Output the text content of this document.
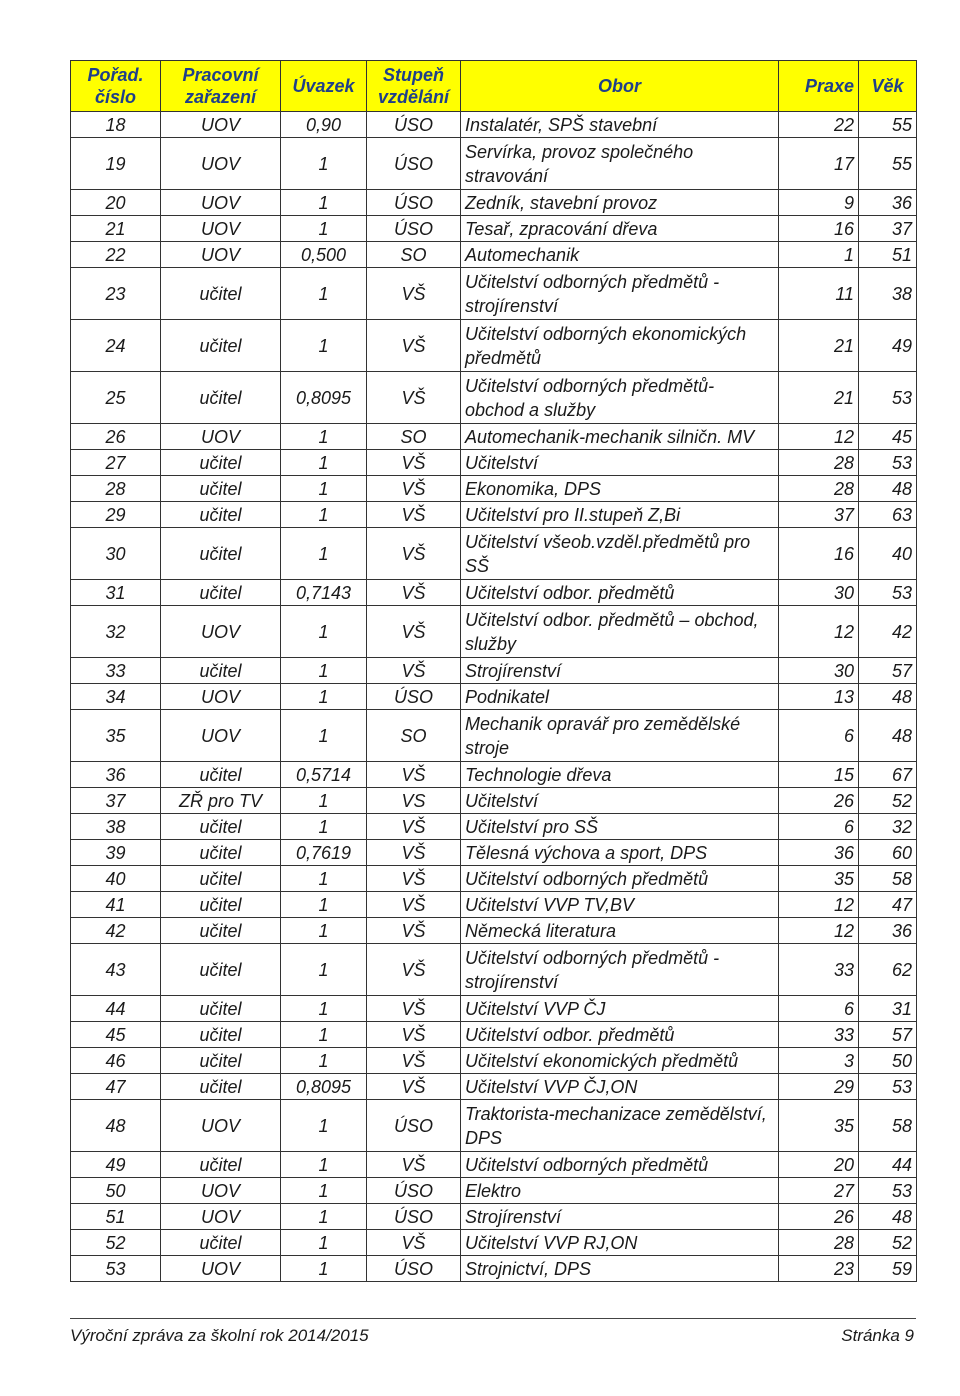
Pořad. číslo	Pracovní zařazení	Úvazek	Stupeň vzdělání	Obor	Praxe	Věk
18	UOV	0,90	ÚSO	Instalatér, SPŠ stavební	22	55
19	UOV	1	ÚSO	Servírka, provoz společného stravování	17	55
20	UOV	1	ÚSO	Zedník, stavební provoz	9	36
21	UOV	1	ÚSO	Tesař, zpracování dřeva	16	37
22	UOV	0,500	SO	Automechanik	1	51
23	učitel	1	VŠ	Učitelství odborných předmětů - strojírenství	11	38
24	učitel	1	VŠ	Učitelství odborných ekonomických předmětů	21	49
25	učitel	0,8095	VŠ	Učitelství odborných předmětů- obchod a služby	21	53
26	UOV	1	SO	Automechanik-mechanik silničn. MV	12	45
27	učitel	1	VŠ	Učitelství	28	53
28	učitel	1	VŠ	Ekonomika, DPS	28	48
29	učitel	1	VŠ	Učitelství pro II.stupeň Z,Bi	37	63
30	učitel	1	VŠ	Učitelství všeob.vzděl.předmětů pro SŠ	16	40
31	učitel	0,7143	VŠ	Učitelství odbor. předmětů	30	53
32	UOV	1	VŠ	Učitelství odbor. předmětů – obchod, služby	12	42
33	učitel	1	VŠ	Strojírenství	30	57
34	UOV	1	ÚSO	Podnikatel	13	48
35	UOV	1	SO	Mechanik opravář pro zemědělské stroje	6	48
36	učitel	0,5714	VŠ	Technologie dřeva	15	67
37	ZŘ pro TV	1	VS	Učitelství	26	52
38	učitel	1	VŠ	Učitelství pro SŠ	6	32
39	učitel	0,7619	VŠ	Tělesná výchova a sport, DPS	36	60
40	učitel	1	VŠ	Učitelství odborných předmětů	35	58
41	učitel	1	VŠ	Učitelství VVP TV,BV	12	47
42	učitel	1	VŠ	Německá literatura	12	36
43	učitel	1	VŠ	Učitelství odborných předmětů - strojírenství	33	62
44	učitel	1	VŠ	Učitelství VVP ČJ	6	31
45	učitel	1	VŠ	Učitelství odbor. předmětů	33	57
46	učitel	1	VŠ	Učitelství ekonomických předmětů	3	50
47	učitel	0,8095	VŠ	Učitelství VVP ČJ,ON	29	53
48	UOV	1	ÚSO	Traktorista-mechanizace zemědělství, DPS	35	58
49	učitel	1	VŠ	Učitelství odborných předmětů	20	44
50	UOV	1	ÚSO	Elektro	27	53
51	UOV	1	ÚSO	Strojírenství	26	48
52	učitel	1	VŠ	Učitelství VVP RJ,ON	28	52
53	UOV	1	ÚSO	Strojnictví, DPS	23	59
Výroční zpráva za školní rok 2014/2015	Stránka 9
